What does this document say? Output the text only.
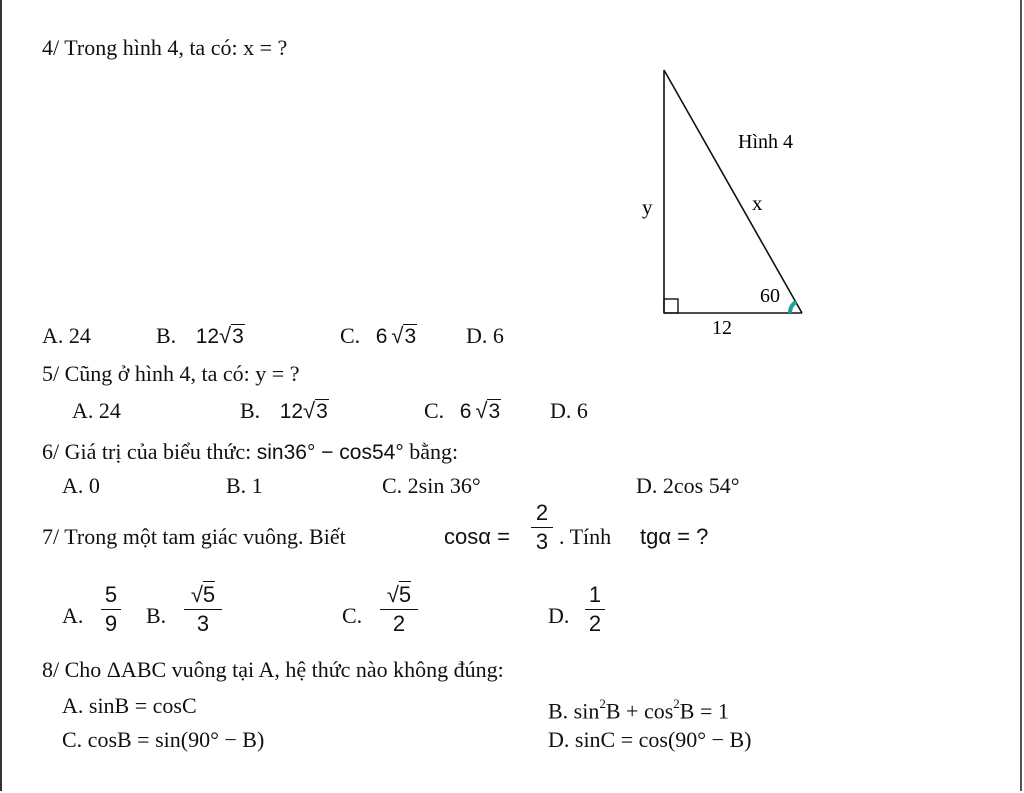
4/ Trong hình 4, ta có: x = ?
Hình 4
y	x
60
12
A. 24	B. 12√3	C. 6 √3 D. 6
5/ Cũng ở hình 4, ta có: y = ?
A. 24	B. 12√3	C. 6 √3 D. 6
6/ Giá trị của biểu thức: sin36° − cos54° bằng:
A. 0	B. 1	C. 2sin 36°	D. 2cos 54°
7/ Trong một tam giác vuông. Biết	cosα =
2
3 . Tính tgα = ?
A.
5
9 B.
√5
3	C.
√5
2	D.
1
2
8/ Cho ΔABC vuông tại A, hệ thức nào không đúng:
A. sinB = cosC	B. $\sin^2B + \cos^2B = 1$
C. cosB = sin(90° − B)	D. sinC = cos(90° − B)
